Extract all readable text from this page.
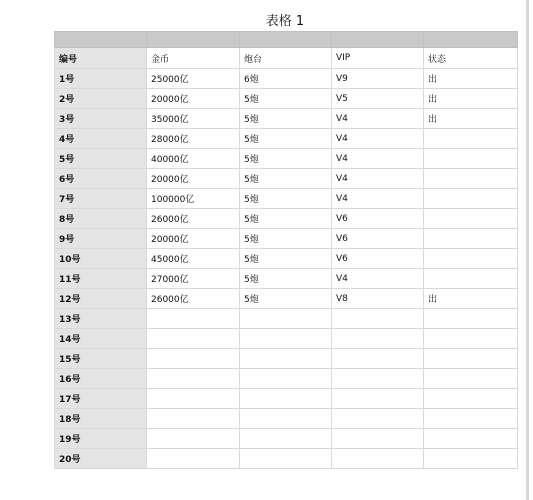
表格 1

编号	金币	炮台	VIP	状态
1号	25000亿	6炮	V9	出
2号	20000亿	5炮	V5	出
3号	35000亿	5炮	V4	出
4号	28000亿	5炮	V4	
5号	40000亿	5炮	V4	
6号	20000亿	5炮	V4	
7号	100000亿	5炮	V4	
8号	26000亿	5炮	V6	
9号	20000亿	5炮	V6	
10号	45000亿	5炮	V6	
11号	27000亿	5炮	V4	
12号	26000亿	5炮	V8	出
13号				
14号				
15号				
16号				
17号				
18号				
19号				
20号				
